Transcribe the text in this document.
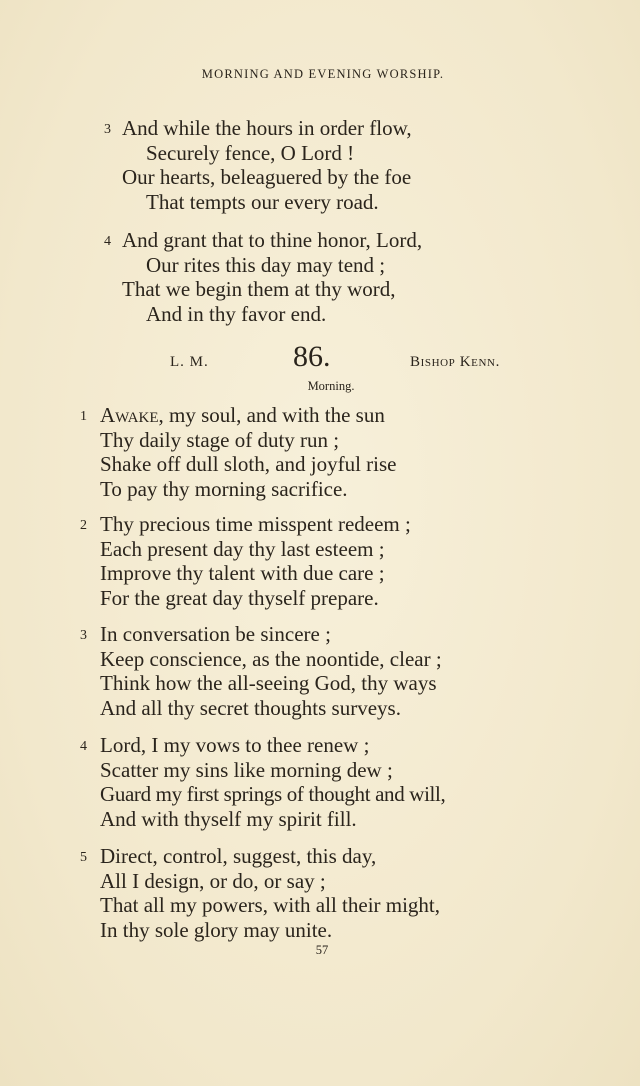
MORNING AND EVENING WORSHIP.
3 And while the hours in order flow,
Securely fence, O Lord !
Our hearts, beleaguered by the foe
That tempts our every road.
4 And grant that to thine honor, Lord,
Our rites this day may tend ;
That we begin them at thy word,
And in thy favor end.
L. M.	86.	Bishop Kenn.
Morning.
1 Awake, my soul, and with the sun
Thy daily stage of duty run ;
Shake off dull sloth, and joyful rise
To pay thy morning sacrifice.
2 Thy precious time misspent redeem ;
Each present day thy last esteem ;
Improve thy talent with due care ;
For the great day thyself prepare.
3 In conversation be sincere ;
Keep conscience, as the noontide, clear ;
Think how the all-seeing God, thy ways
And all thy secret thoughts surveys.
4 Lord, I my vows to thee renew ;
Scatter my sins like morning dew ;
Guard my first springs of thought and will,
And with thyself my spirit fill.
5 Direct, control, suggest, this day,
All I design, or do, or say ;
That all my powers, with all their might,
In thy sole glory may unite.
57
